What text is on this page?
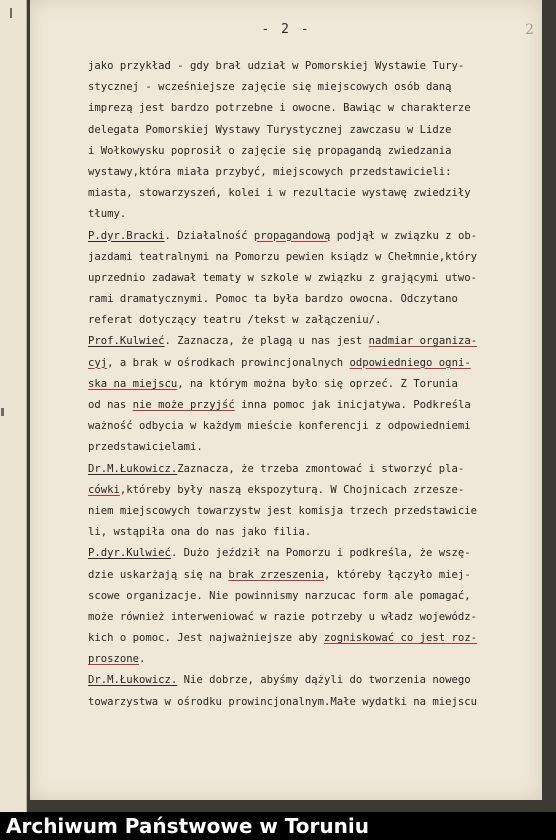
- 2 -	2
jako przykład - gdy brał udział w Pomorskiej Wystawie Tury-
stycznej - wcześniejsze zajęcie się miejscowych osób daną
imprezą jest bardzo potrzebne i owocne. Bawiąc w charakterze
delegata Pomorskiej Wystawy Turystycznej zawczasu w Lidze
i Wołkowysku poprosił o zajęcie się propagandą zwiedzania
wystawy,która miała przybyć, miejscowych przedstawicieli:
miasta, stowarzyszeń, kolei i w rezultacie wystawę zwiedziły
tłumy.
P.dyr.Bracki. Działalność propagandową podjął w związku z ob-
jazdami teatralnymi na Pomorzu pewien ksiądz w Chełmnie,który
uprzednio zadawał tematy w szkole w związku z grającymi utwo-
rami dramatycznymi. Pomoc ta była bardzo owocna. Odczytano
referat dotyczący teatru /tekst w załączeniu/.
Prof.Kulwieć. Zaznacza, że plagą u nas jest nadmiar organiza-
cyj, a brak w ośrodkach prowincjonalnych odpowiedniego ogni-
ska na miejscu, na którym można było się oprzeć. Z Torunia
od nas nie może przyjść inna pomoc jak inicjatywa. Podkreśla
ważność odbycia w każdym mieście konferencji z odpowiedniemi
przedstawicielami.
Dr.M.Łukowicz.Zaznacza, że trzeba zmontować i stworzyć pla-
cówki,któreby były naszą ekspozyturą. W Chojnicach zrzesze-
niem miejscowych towarzystw jest komisja trzech przedstawicie
li, wstąpiła ona do nas jako filia.
P.dyr.Kulwieć. Dużo jeździł na Pomorzu i podkreśla, że wszę-
dzie uskarżają się na brak zrzeszenia, któreby łączyło miej-
scowe organizacje. Nie powinnismy narzucac form ale pomagać,
może również interweniować w razie potrzeby u władz wojewódz-
kich o pomoc. Jest najważniejsze aby zogniskować co jest roz-
proszone.
Dr.M.Łukowicz. Nie dobrze, abyśmy dążyli do tworzenia nowego
towarzystwa w ośrodku prowincjonalnym.Małe wydatki na miejscu
Archiwum Państwowe w Toruniu
